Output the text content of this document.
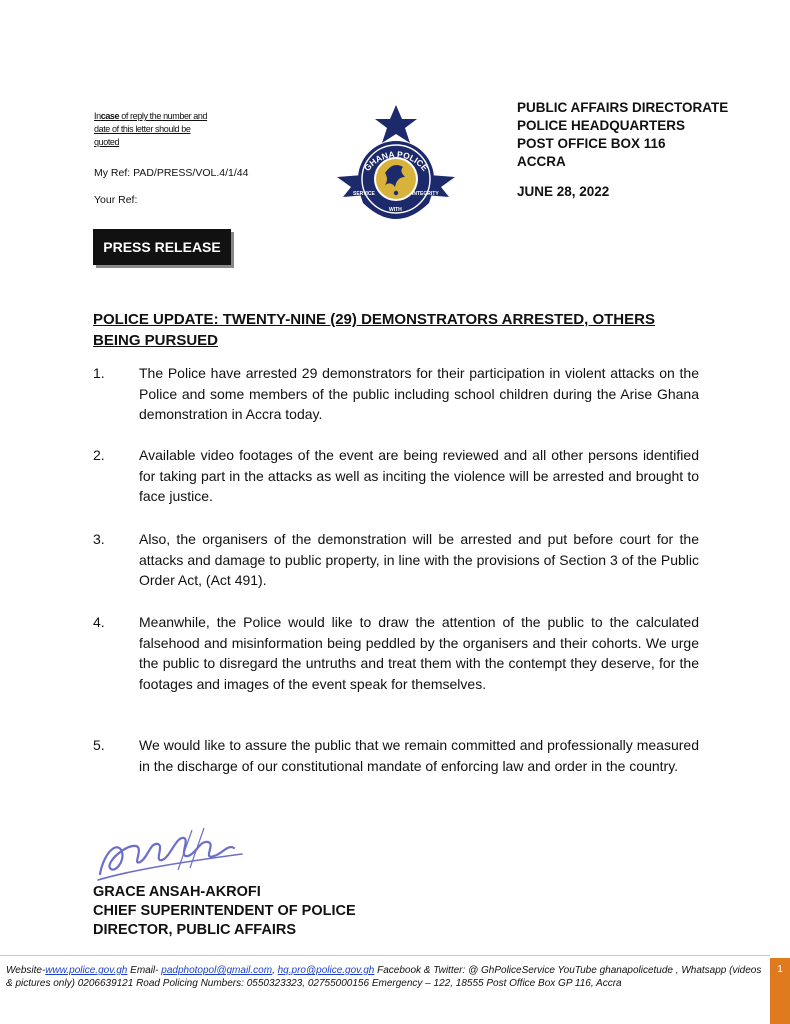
Incase of reply the number and date of this letter should be quoted
My Ref: PAD/PRESS/VOL.4/1/44
Your Ref:
GHANA POLICE
SERVICE
WITH
INTEGRITY
PUBLIC AFFAIRS DIRECTORATE
POLICE HEADQUARTERS
POST OFFICE BOX 116
ACCRA
JUNE 28, 2022
PRESS RELEASE
POLICE UPDATE: TWENTY-NINE (29) DEMONSTRATORS ARRESTED, OTHERS BEING PURSUED
1. The Police have arrested 29 demonstrators for their participation in violent attacks on the Police and some members of the public including school children during the Arise Ghana demonstration in Accra today.
2. Available video footages of the event are being reviewed and all other persons identified for taking part in the attacks as well as inciting the violence will be arrested and brought to face justice.
3. Also, the organisers of the demonstration will be arrested and put before court for the attacks and damage to public property, in line with the provisions of Section 3 of the Public Order Act, (Act 491).
4. Meanwhile, the Police would like to draw the attention of the public to the calculated falsehood and misinformation being peddled by the organisers and their cohorts. We urge the public to disregard the untruths and treat them with the contempt they deserve, for the footages and images of the event speak for themselves.
5. We would like to assure the public that we remain committed and professionally measured in the discharge of our constitutional mandate of enforcing law and order in the country.
GRACE ANSAH-AKROFI
CHIEF SUPERINTENDENT OF POLICE
DIRECTOR, PUBLIC AFFAIRS
Website-www.police.gov.gh Email- padphotopol@gmail.com, hq.pro@police.gov.gh Facebook & Twitter: @ GhPoliceService YouTube ghanapolicetude , Whatsapp (videos & pictures only) 0206639121 Road Policing Numbers: 0550323323, 02755000156 Emergency – 122, 18555 Post Office Box GP 116, Accra
1
